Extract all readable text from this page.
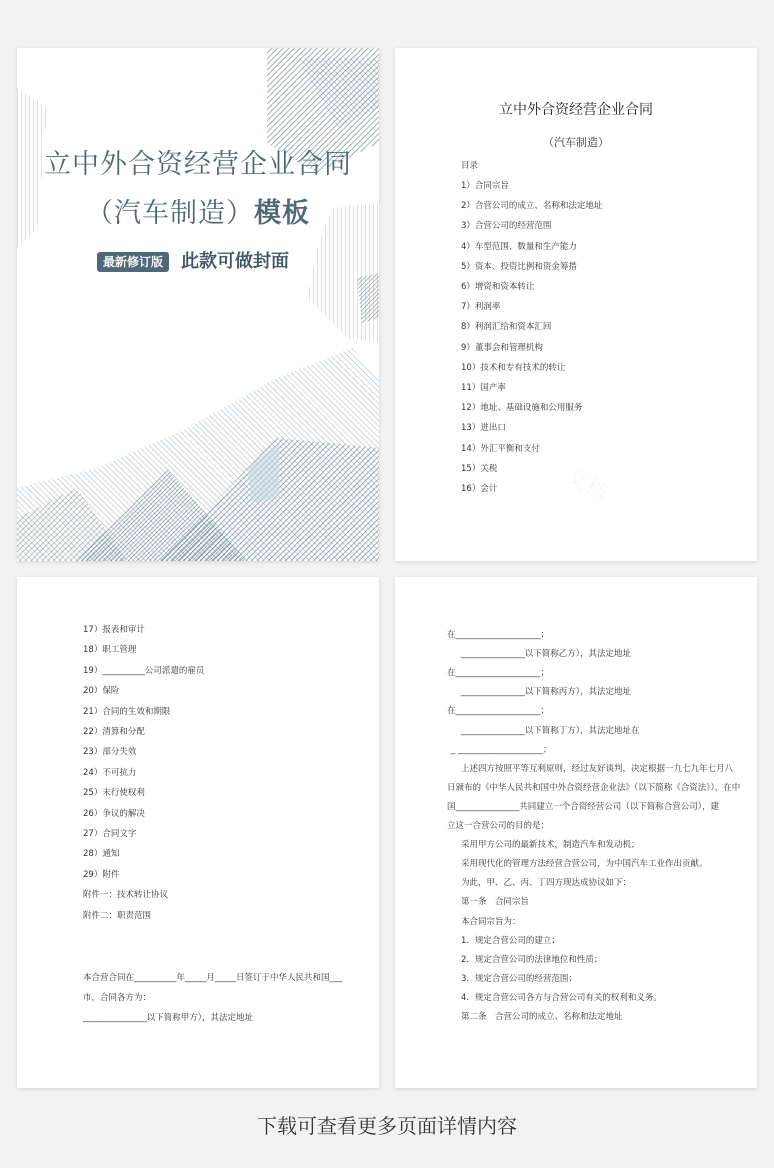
立中外合资经营企业合同
（汽车制造）模板
最新修订版 此款可做封面
立中外合资经营企业合同
（汽车制造）
目录
1）合同宗旨
2）合营公司的成立、名称和法定地址
3）合营公司的经营范围
4）车型范围、数量和生产能力
5）资本、投资比例和资金筹措
6）增资和资本转让
7）利润率
8）利润汇给和资本汇回
9）董事会和管理机构
10）技术和专有技术的转让
11）国产率
12）地址、基础设施和公用服务
13）进出口
14）外汇平衡和支付
15）关税
16）会计
17）报表和审计
18）职工管理
19）__________公司派遣的雇员
20）保险
21）合同的生效和期限
22）清算和分配
23）部分失效
24）不可抗力
25）未行使权利
26）争议的解决
27）合同文字
28）通知
29）附件
附件一：技术转让协议
附件二：职责范围
本合营合同在__________年_____月_____日签订于中华人民共和国___
市，合同各方为：
_______________以下简称甲方），其法定地址
在____________________；
_______________以下简称乙方），其法定地址
在____________________；
_______________以下简称丙方），其法定地址
在____________________；
_______________以下简称丁方），其法定地址在
_ ____________________；
上述四方按照平等互利原则，经过友好谈判，决定根据一九七九年七月八
日颁布的《中华人民共和国中外合资经营企业法》（以下简称《合资法》），在中
国_______________共同建立一个合资经营公司（以下简称合营公司），建
立这一合营公司的目的是：
采用甲方公司的最新技术，制造汽车和发动机；
采用现代化的管理方法经营合营公司，为中国汽车工业作出贡献。
为此，甲、乙、丙、丁四方现达成协议如下：
第一条　合同宗旨
本合同宗旨为：
1．规定合营公司的建立；
2．规定合营公司的法律地位和性质；
3．规定合营公司的经营范围；
4．规定合营公司各方与合营公司有关的权利和义务。
第二条　合营公司的成立、名称和法定地址
下载可查看更多页面详情内容
